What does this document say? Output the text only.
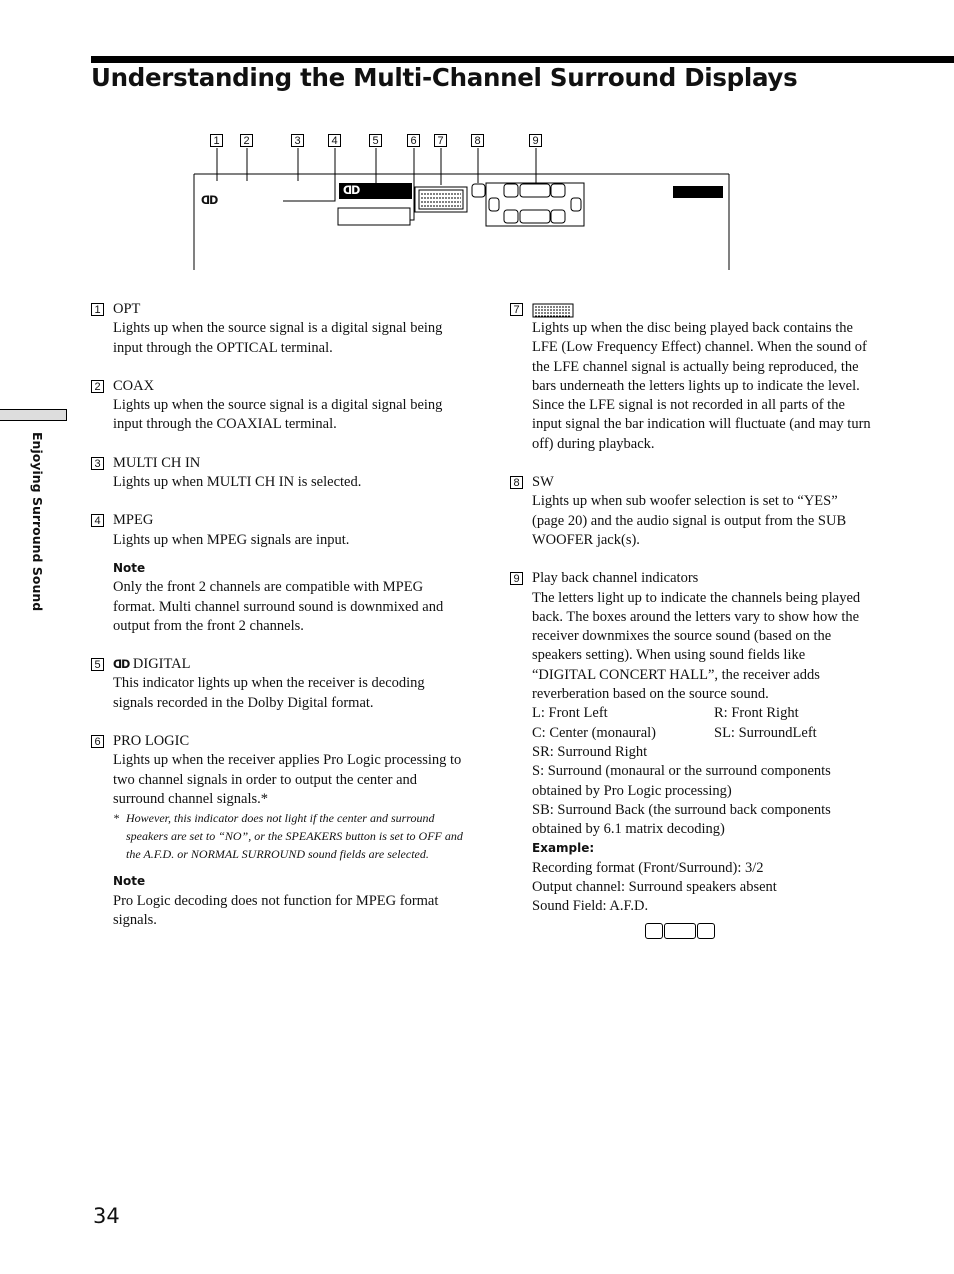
Understanding the Multi-Channel Surround Displays
1	2	3	4	5	6	7	8	9
ᗡᗞ
ᗡᗞ
Enjoying Surround Sound
1 OPT
Lights up when the source signal is a digital signal being input through the OPTICAL terminal.
2 COAX
Lights up when the source signal is a digital signal being input through the COAXIAL terminal.
3 MULTI CH IN
Lights up when MULTI CH IN is selected.
4 MPEG
Lights up when MPEG signals are input.
Note
Only the front 2 channels are compatible with MPEG format. Multi channel surround sound is downmixed and output from the front 2 channels.
5	ᗡᗞ DIGITAL
This indicator lights up when the receiver is decoding signals recorded in the Dolby Digital format.
6 PRO LOGIC
Lights up when the receiver applies Pro Logic processing to two channel signals in order to output the center and surround channel signals.*
* However, this indicator does not light if the center and surround speakers are set to “NO”, or the SPEAKERS button is set to OFF and the A.F.D. or NORMAL SURROUND sound fields are selected.
Note
Pro Logic decoding does not function for MPEG format signals.
7
Lights up when the disc being played back contains the LFE (Low Frequency Effect) channel. When the sound of the LFE channel signal is actually being reproduced, the bars underneath the letters lights up to indicate the level. Since the LFE signal is not recorded in all parts of the input signal the bar indication will fluctuate (and may turn off) during playback.
8 SW
Lights up when sub woofer selection is set to “YES” (page 20) and the audio signal is output from the SUB WOOFER jack(s).
9 Play back channel indicators
The letters light up to indicate the channels being played back. The boxes around the letters vary to show how the receiver downmixes the source sound (based on the speakers setting). When using sound fields like “DIGITAL CONCERT HALL”, the receiver adds reverberation based on the source sound.
L: Front Left	R: Front Right
C: Center (monaural)	SL: SurroundLeft
SR: Surround Right
S: Surround (monaural or the surround components obtained by Pro Logic processing)
SB: Surround Back (the surround back components obtained by 6.1 matrix decoding)
Example:
Recording format (Front/Surround): 3/2
Output channel: Surround speakers absent
Sound Field: A.F.D.
34
